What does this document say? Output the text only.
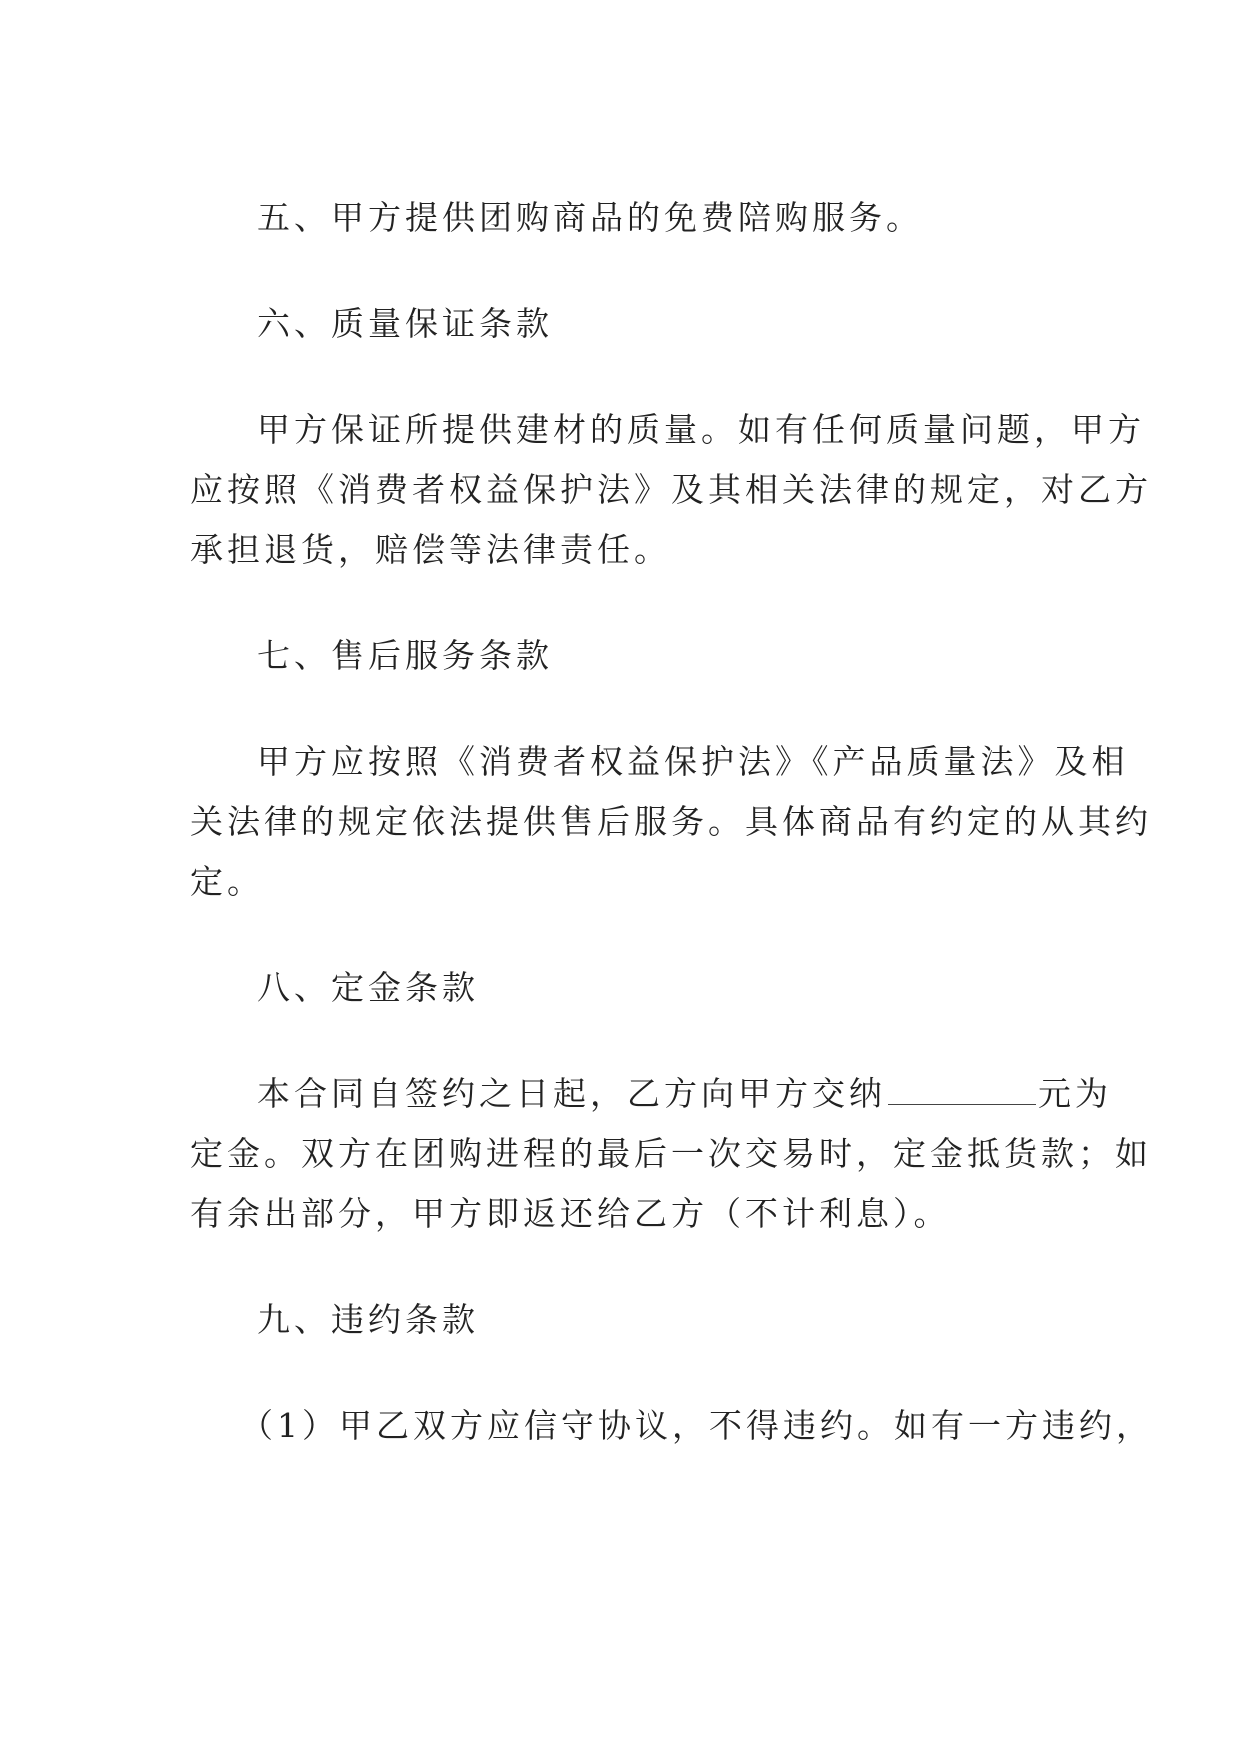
五、甲方提供团购商品的免费陪购服务。

六、质量保证条款

甲方保证所提供建材的质量。如有任何质量问题，甲方

应按照《消费者权益保护法》及其相关法律的规定，对乙方

承担退货，赔偿等法律责任。

七、售后服务条款

甲方应按照《消费者权益保护法》《产品质量法》及相

关法律的规定依法提供售后服务。具体商品有约定的从其约

定。

八、定金条款

本合同自签约之日起，乙方向甲方交纳	元为

定金。双方在团购进程的最后一次交易时，定金抵货款；如

有余出部分，甲方即返还给乙方（不计利息）。

九、违约条款

（1）甲乙双方应信守协议，不得违约。如有一方违约，
